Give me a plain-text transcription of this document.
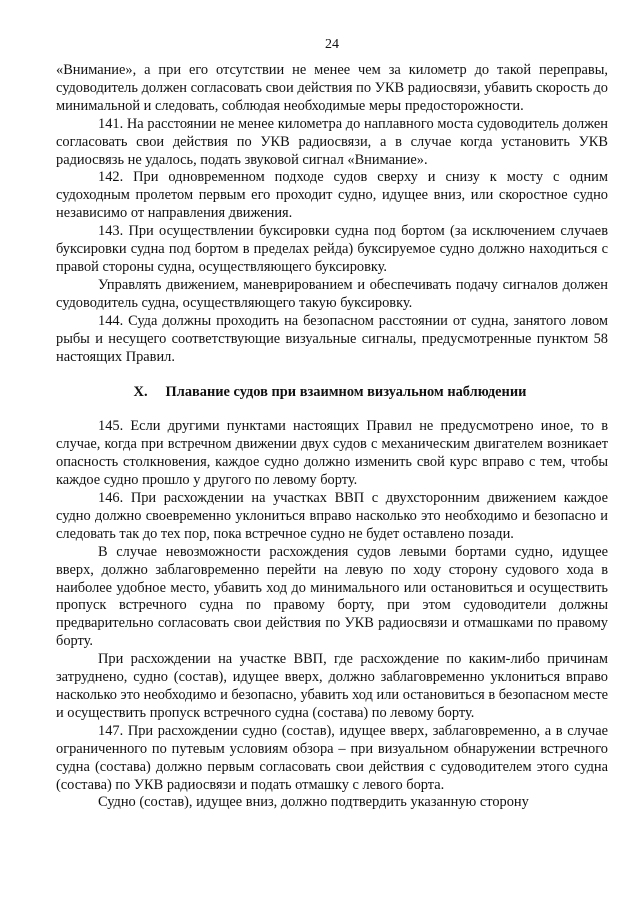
24

«Внимание», а при его отсутствии не менее чем за километр до такой переправы, судоводитель должен согласовать свои действия по УКВ радиосвязи, убавить скорость до минимальной и следовать, соблюдая необходимые меры предосторожности.

141. На расстоянии не менее километра до наплавного моста судоводитель должен согласовать свои действия по УКВ радиосвязи, а в случае когда установить УКВ радиосвязь не удалось, подать звуковой сигнал «Внимание».

142. При одновременном подходе судов сверху и снизу к мосту с одним судоходным пролетом первым его проходит судно, идущее вниз, или скоростное судно независимо от направления движения.

143. При осуществлении буксировки судна под бортом (за исключением случаев буксировки судна под бортом в пределах рейда) буксируемое судно должно находиться с правой стороны судна, осуществляющего буксировку.

Управлять движением, маневрированием и обеспечивать подачу сигналов должен судоводитель судна, осуществляющего такую буксировку.

144. Суда должны проходить на безопасном расстоянии от судна, занятого ловом рыбы и несущего соответствующие визуальные сигналы, предусмотренные пунктом 58 настоящих Правил.

X. Плавание судов при взаимном визуальном наблюдении

145. Если другими пунктами настоящих Правил не предусмотрено иное, то в случае, когда при встречном движении двух судов с механическим двигателем возникает опасность столкновения, каждое судно должно изменить свой курс вправо с тем, чтобы каждое судно прошло у другого по левому борту.

146. При расхождении на участках ВВП с двухсторонним движением каждое судно должно своевременно уклониться вправо насколько это необходимо и безопасно и следовать так до тех пор, пока встречное судно не будет оставлено позади.

В случае невозможности расхождения судов левыми бортами судно, идущее вверх, должно заблаговременно перейти на левую по ходу сторону судового хода в наиболее удобное место, убавить ход до минимального или остановиться и осуществить пропуск встречного судна по правому борту, при этом судоводители должны предварительно согласовать свои действия по УКВ радиосвязи и отмашками по правому борту.

При расхождении на участке ВВП, где расхождение по каким-либо причинам затруднено, судно (состав), идущее вверх, должно заблаговременно уклониться вправо насколько это необходимо и безопасно, убавить ход или остановиться в безопасном месте и осуществить пропуск встречного судна (состава) по левому борту.

147. При расхождении судно (состав), идущее вверх, заблаговременно, а в случае ограниченного по путевым условиям обзора – при визуальном обнаружении встречного судна (состава) должно первым согласовать свои действия с судоводителем этого судна (состава) по УКВ радиосвязи и подать отмашку с левого борта.

Судно (состав), идущее вниз, должно подтвердить указанную сторону
